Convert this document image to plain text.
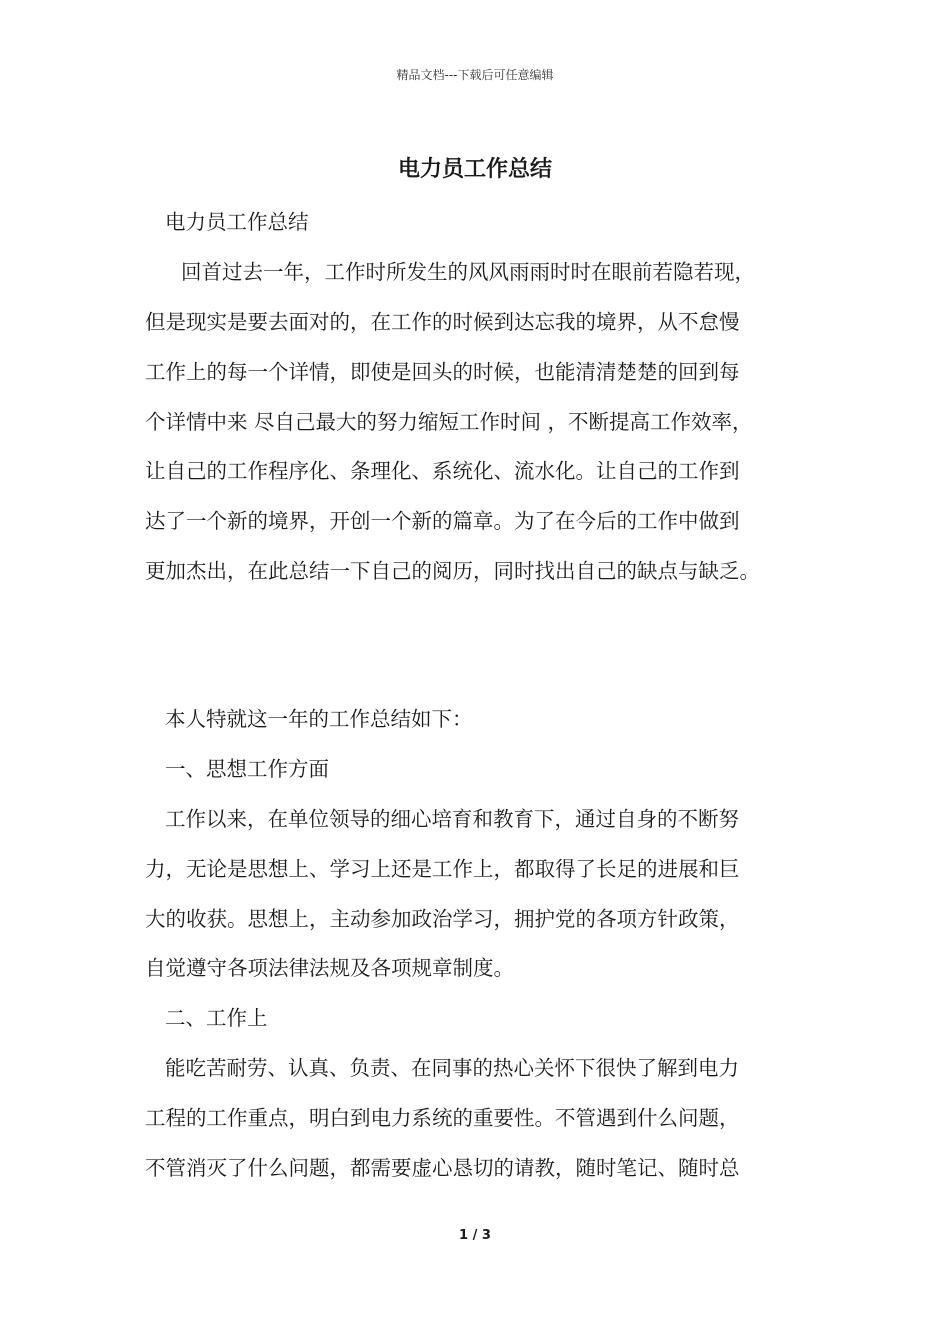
精品文档---下载后可任意编辑
电力员工作总结
电力员工作总结
回首过去一年，工作时所发生的风风雨雨时时在眼前若隐若现，
但是现实是要去面对的，在工作的时候到达忘我的境界，从不怠慢
工作上的每一个详情，即使是回头的时候，也能清清楚楚的回到每
个详情中来 尽自己最大的努力缩短工作时间 ，不断提高工作效率，
让自己的工作程序化、条理化、系统化、流水化。让自己的工作到
达了一个新的境界，开创一个新的篇章。为了在今后的工作中做到
更加杰出，在此总结一下自己的阅历，同时找出自己的缺点与缺乏。
本人特就这一年的工作总结如下：
一、思想工作方面
工作以来，在单位领导的细心培育和教育下，通过自身的不断努
力，无论是思想上、学习上还是工作上，都取得了长足的进展和巨
大的收获。思想上，主动参加政治学习，拥护党的各项方针政策，
自觉遵守各项法律法规及各项规章制度。
二、工作上
能吃苦耐劳、认真、负责、在同事的热心关怀下很快了解到电力
工程的工作重点，明白到电力系统的重要性。不管遇到什么问题，
不管消灭了什么问题，都需要虚心恳切的请教，随时笔记、随时总
1 / 3
